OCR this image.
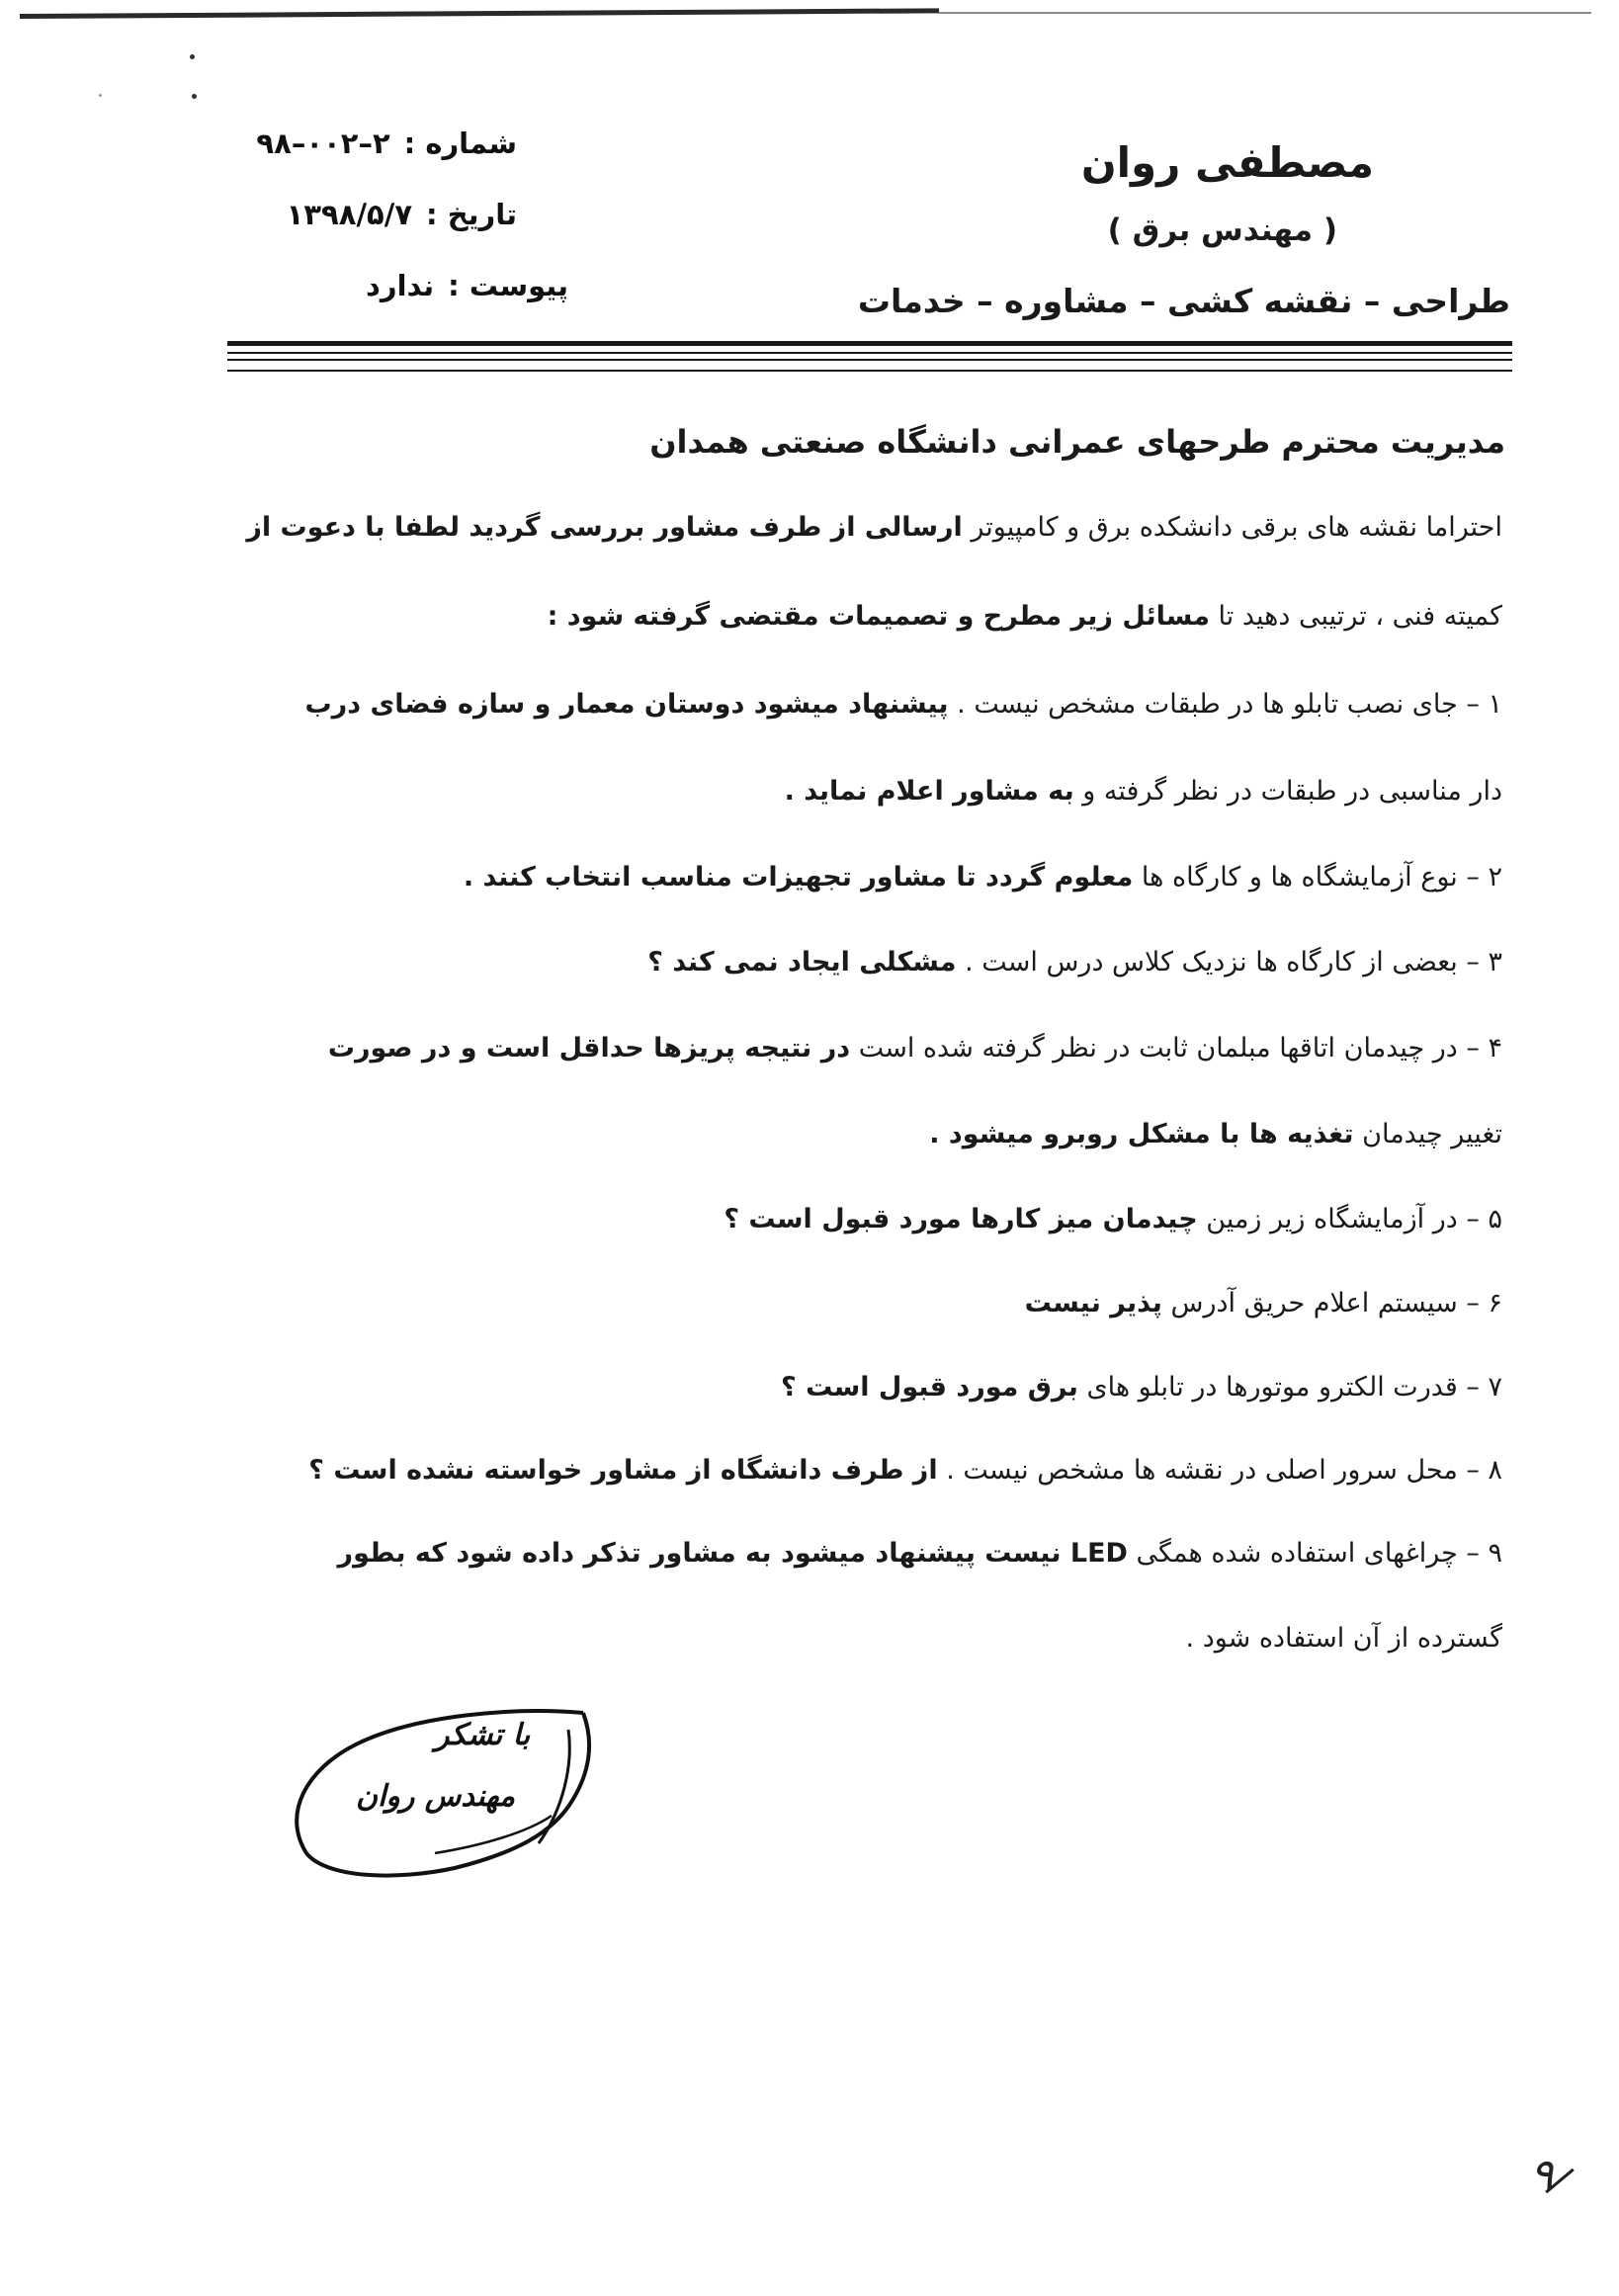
شماره :۲–۰۰۲–۹۸
تاریخ :۱۳۹۸/۵/۷
پیوست :ندارد
مصطفی روان
( مهندس برق )
طراحی – نقشه کشی – مشاوره – خدمات
مدیریت محترم طرحهای عمرانی دانشگاه صنعتی همدان
احتراما نقشه های برقی دانشکده برق و کامپیوتر ارسالی از طرف مشاور بررسی گردید لطفا با دعوت از
کمیته فنی ، ترتیبی دهید تا مسائل زیر مطرح و تصمیمات مقتضی گرفته شود :
۱ – جای نصب تابلو ها در طبقات مشخص نیست . پیشنهاد میشود دوستان معمار و سازه فضای درب
دار مناسبی در طبقات در نظر گرفته و به مشاور اعلام نماید .
۲ – نوع آزمایشگاه ها و کارگاه ها معلوم گردد تا مشاور تجهیزات مناسب انتخاب کنند .
۳ – بعضی از کارگاه ها نزدیک کلاس درس است . مشکلی ایجاد نمی کند ؟
۴ – در چیدمان اتاقها مبلمان ثابت در نظر گرفته شده است در نتیجه پریزها حداقل است و در صورت
تغییر چیدمان تغذیه ها با مشکل روبرو میشود .
۵ – در آزمایشگاه زیر زمین چیدمان میز کارها مورد قبول است ؟
۶ – سیستم اعلام حریق آدرس پذیر نیست
۷ – قدرت الکترو موتورها در تابلو های برق مورد قبول است ؟
۸ – محل سرور اصلی در نقشه ها مشخص نیست . از طرف دانشگاه از مشاور خواسته نشده است ؟
۹ – چراغهای استفاده شده همگی LED نیست پیشنهاد میشود به مشاور تذکر داده شود که بطور
گسترده از آن استفاده شود .
با تشکر
مهندس روان
۹
